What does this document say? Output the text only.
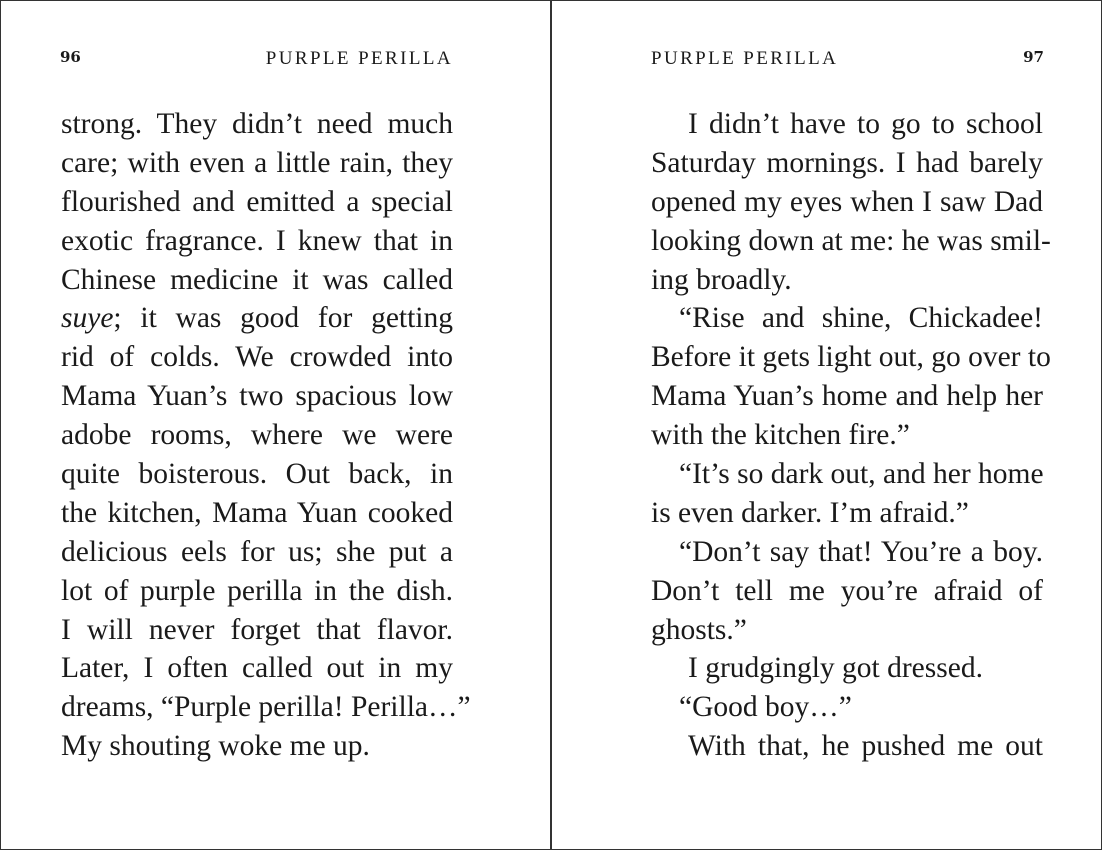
96	PURPLE PERILLA
strong. They didn’t need much
care; with even a little rain, they
flourished and emitted a special
exotic fragrance. I knew that in
Chinese medicine it was called
suye; it was good for getting
rid of colds. We crowded into
Mama Yuan’s two spacious low
adobe rooms, where we were
quite boisterous. Out back, in
the kitchen, Mama Yuan cooked
delicious eels for us; she put a
lot of purple perilla in the dish.
I will never forget that flavor.
Later, I often called out in my
dreams, “Purple perilla! Perilla…”
My shouting woke me up.
PURPLE PERILLA	97
I didn’t have to go to school
Saturday mornings. I had barely
opened my eyes when I saw Dad
looking down at me: he was smil-
ing broadly.
“Rise and shine, Chickadee!
Before it gets light out, go over to
Mama Yuan’s home and help her
with the kitchen fire.”
“It’s so dark out, and her home
is even darker. I’m afraid.”
“Don’t say that! You’re a boy.
Don’t tell me you’re afraid of
ghosts.”
I grudgingly got dressed.
“Good boy…”
With that, he pushed me out
